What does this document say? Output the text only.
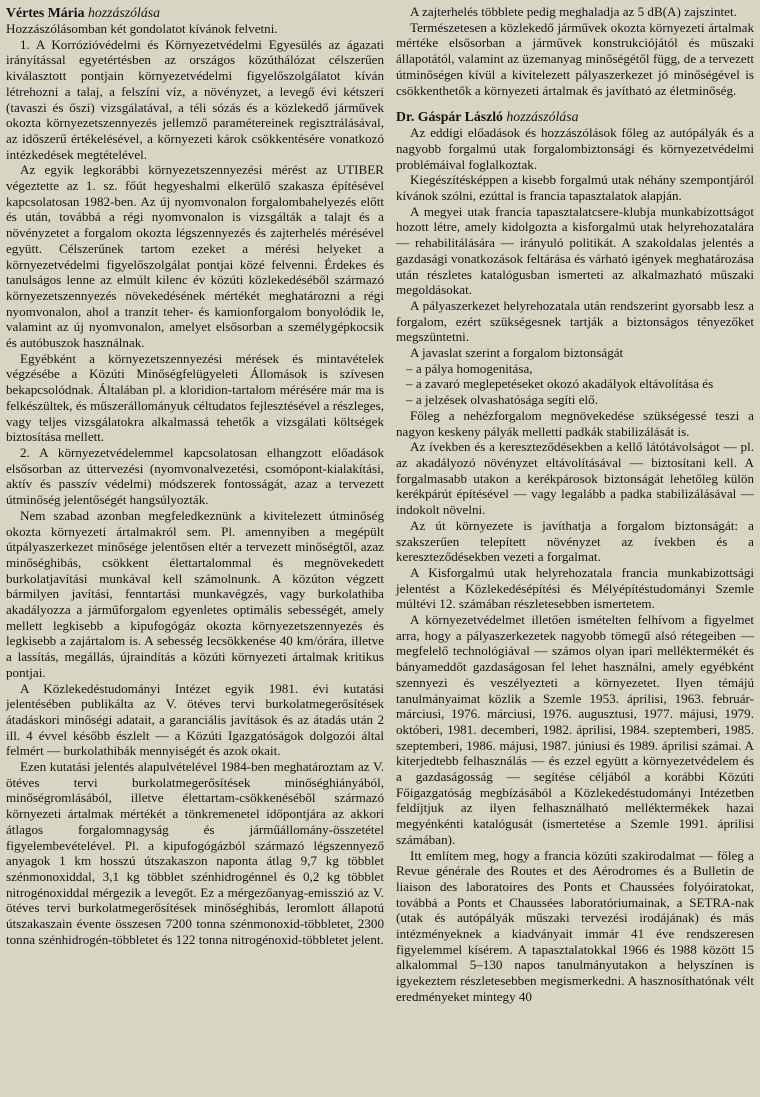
Vértes Mária hozzászólása

Hozzászólásomban két gondolatot kívánok felvetni.

1. A Korrózióvédelmi és Környezetvédelmi Egyesülés az ágazati irányítással egyetértésben az országos közúthálózat célszerűen kiválasztott pontjain környezetvédelmi figyelőszolgálatot kíván létrehozni a talaj, a felszíni víz, a növényzet, a levegő évi kétszeri (tavaszi és őszi) vizsgálatával, a téli sózás és a közlekedő járművek okozta környezetszennyezés jellemző paramétereinek regisztrálásával, az időszerű értékelésével, a környezeti károk csökkentésére vonatkozó intézkedések megtételével.

Az egyik legkorábbi környezetszennyezési mérést az UTIBER végeztette az 1. sz. főút hegyeshalmi elkerülő szakasza építésével kapcsolatosan 1982-ben. Az új nyomvonalon forgalombahelyezés előtt és után, továbbá a régi nyomvonalon is vizsgálták a talajt és a növényzetet a forgalom okozta légszennyezés és zajterhelés mérésével együtt. Célszerűnek tartom ezeket a mérési helyeket a környezetvédelmi figyelőszolgálat pontjai közé felvenni. Érdekes és tanulságos lenne az elmúlt kilenc év közúti közlekedéséből származó környezetszennyezés növekedésének mértékét meghatározni a régi nyomvonalon, ahol a tranzit teher- és kamionforgalom bonyolódik le, valamint az új nyomvonalon, amelyet elsősorban a személygépkocsik és autóbuszok használnak.

Egyébként a környezetszennyezési mérések és mintavételek végzésébe a Közúti Minőségfelügyeleti Állomások is szívesen bekapcsolódnak. Általában pl. a kloridion-tartalom mérésére már ma is felkészültek, és műszerállományuk céltudatos fejlesztésével a részleges, vagy teljes vizsgálatokra alkalmassá tehetők a vizsgálati költségek biztosítása mellett.

2. A környezetvédelemmel kapcsolatosan elhangzott előadások elsősorban az úttervezési (nyomvonalvezetési, csomópont-kialakítási, aktív és passzív védelmi) módszerek fontosságát, azaz a tervezett útminőség jelentőségét hangsúlyozták.

Nem szabad azonban megfeledkeznünk a kivitelezett útminőség okozta környezeti ártalmakról sem. Pl. amennyiben a megépült útpályaszerkezet minősége jelentősen eltér a tervezett minőségtől, azaz minőséghibás, csökkent élettartalommal és megnövekedett burkolatjavítási munkával kell számolnunk. A közúton végzett bármilyen javítási, fenntartási munkavégzés, vagy burkolathiba akadályozza a járműforgalom egyenletes optimális sebességét, amely mellett legkisebb a kipufogógáz okozta környezetszennyezés és legkisebb a zajártalom is. A sebesség lecsökkenése 40 km/órára, illetve a lassítás, megállás, újraindítás a közúti környezeti ártalmak kritikus pontjai.

A Közlekedéstudományi Intézet egyik 1981. évi kutatási jelentésében publikálta az V. ötéves tervi burkolatmegerősítések átadáskori minőségi adatait, a garanciális javítások és az átadás után 2 ill. 4 évvel később észlelt — a Közúti Igazgatóságok dolgozói által felmért — burkolathibák mennyiségét és azok okait.

Ezen kutatási jelentés alapulvételével 1984-ben meghatároztam az V. ötéves tervi burkolatmegerősítések minőséghiányából, minőségromlásából, illetve élettartam-csökkenéséből származó környezeti ártalmak mértékét a tönkremenetel időpontjára az akkori átlagos forgalomnagyság és járműállomány-összetétel figyelembevételével. Pl. a kipufogógázból származó légszennyező anyagok 1 km hosszú útszakaszon naponta átlag 9,7 kg többlet szénmonoxiddal, 3,1 kg többlet szénhidrogénnel és 0,2 kg többlet nitrogénoxiddal mérgezik a levegőt. Ez a mérgezőanyag-emisszió az V. ötéves tervi burkolatmegerősítések minőséghibás, leromlott állapotú útszakaszain évente összesen 7200 tonna szénmonoxid-többletet, 2300 tonna szénhidrogén-többletet és 122 tonna nitrogénoxid-többletet jelent.

A zajterhelés többlete pedig meghaladja az 5 dB(A) zajszintet.

Természetesen a közlekedő járművek okozta környezeti ártalmak mértéke elsősorban a járművek konstrukciójától és műszaki állapotától, valamint az üzemanyag minőségétől függ, de a tervezett útminőségen kívül a kivitelezett pályaszerkezet jó minőségével is csökkenthetők a környezeti ártalmak és javítható az életminőség.

Dr. Gáspár László hozzászólása

Az eddigi előadások és hozzászólások főleg az autópályák és a nagyobb forgalmú utak forgalombiztonsági és környezetvédelmi problémáival foglalkoztak.

Kiegészítésképpen a kisebb forgalmú utak néhány szempontjáról kívánok szólni, ezúttal is francia tapasztalatok alapján.

A megyei utak francia tapasztalatcsere-klubja munkabizottságot hozott létre, amely kidolgozta a kisforgalmú utak helyrehozatalára — rehabilitálására — irányuló politikát. A szakoldalas jelentés a gazdasági vonatkozások feltárása és várható igények meghatározása után részletes katalógusban ismerteti az alkalmazható műszaki megoldásokat.

A pályaszerkezet helyrehozatala után rendszerint gyorsabb lesz a forgalom, ezért szükségesnek tartják a biztonságos tényezőket megszüntetni.

A javaslat szerint a forgalom biztonságát

– a pálya homogenitása,

– a zavaró meglepetéseket okozó akadályok eltávolítása és

– a jelzések olvashatósága segíti elő.

Főleg a nehézforgalom megnövekedése szükségessé teszi a nagyon keskeny pályák melletti padkák stabilizálását is.

Az ívekben és a kereszteződésekben a kellő látótávolságot — pl. az akadályozó növényzet eltávolításával — biztosítani kell. A forgalmasabb utakon a kerékpárosok biztonságát lehetőleg külön kerékpárút építésével — vagy legalább a padka stabilizálásával — indokolt növelni.

Az út környezete is javíthatja a forgalom biztonságát: a szakszerűen telepített növényzet az ívekben és a kereszteződésekben vezeti a forgalmat.

A Kisforgalmú utak helyrehozatala francia munkabizottsági jelentést a Közlekedésépítési és Mélyépítéstudományi Szemle múltévi 12. számában részletesebben ismertetem.

A környezetvédelmet illetően ismételten felhívom a figyelmet arra, hogy a pályaszerkezetek nagyobb tömegű alsó rétegeiben — megfelelő technológiával — számos olyan ipari melléktermékét és bányameddőt gazdaságosan fel lehet használni, amely egyébként szennyezi és veszélyezteti a környezetet. Ilyen témájú tanulmányaimat közlik a Szemle 1953. áprilisi, 1963. február-márciusi, 1976. márciusi, 1976. augusztusi, 1977. májusi, 1979. októberi, 1981. decemberi, 1982. áprilisi, 1984. szeptemberi, 1985. szeptemberi, 1986. májusi, 1987. júniusi és 1989. áprilisi számai. A kiterjedtebb felhasználás — és ezzel együtt a környezetvédelem és a gazdaságosság — segítése céljából a korábbi Közúti Főigazgatóság megbízásából a Közlekedéstudományi Intézetben feldíjtjuk az ilyen felhasználható melléktermékek hazai megyénkénti katalógusát (ismertetése a Szemle 1991. áprilisi számában).

Itt említem meg, hogy a francia közúti szakirodalmat — főleg a Revue générale des Routes et des Aérodromes és a Bulletin de liaison des laboratoires des Ponts et Chaussées folyóiratokat, továbbá a Ponts et Chaussées laboratóriumainak, a SETRA-nak (utak és autópályák műszaki tervezési irodájának) és más intézményeknek a kiadványait immár 41 éve rendszeresen figyelemmel kísérem. A tapasztalatokkal 1966 és 1988 között 15 alkalommal 5–130 napos tanulmányutakon a helyszínen is igyekeztem részletesebben megismerkedni. A hasznosíthatónak vélt eredményeket mintegy 40
